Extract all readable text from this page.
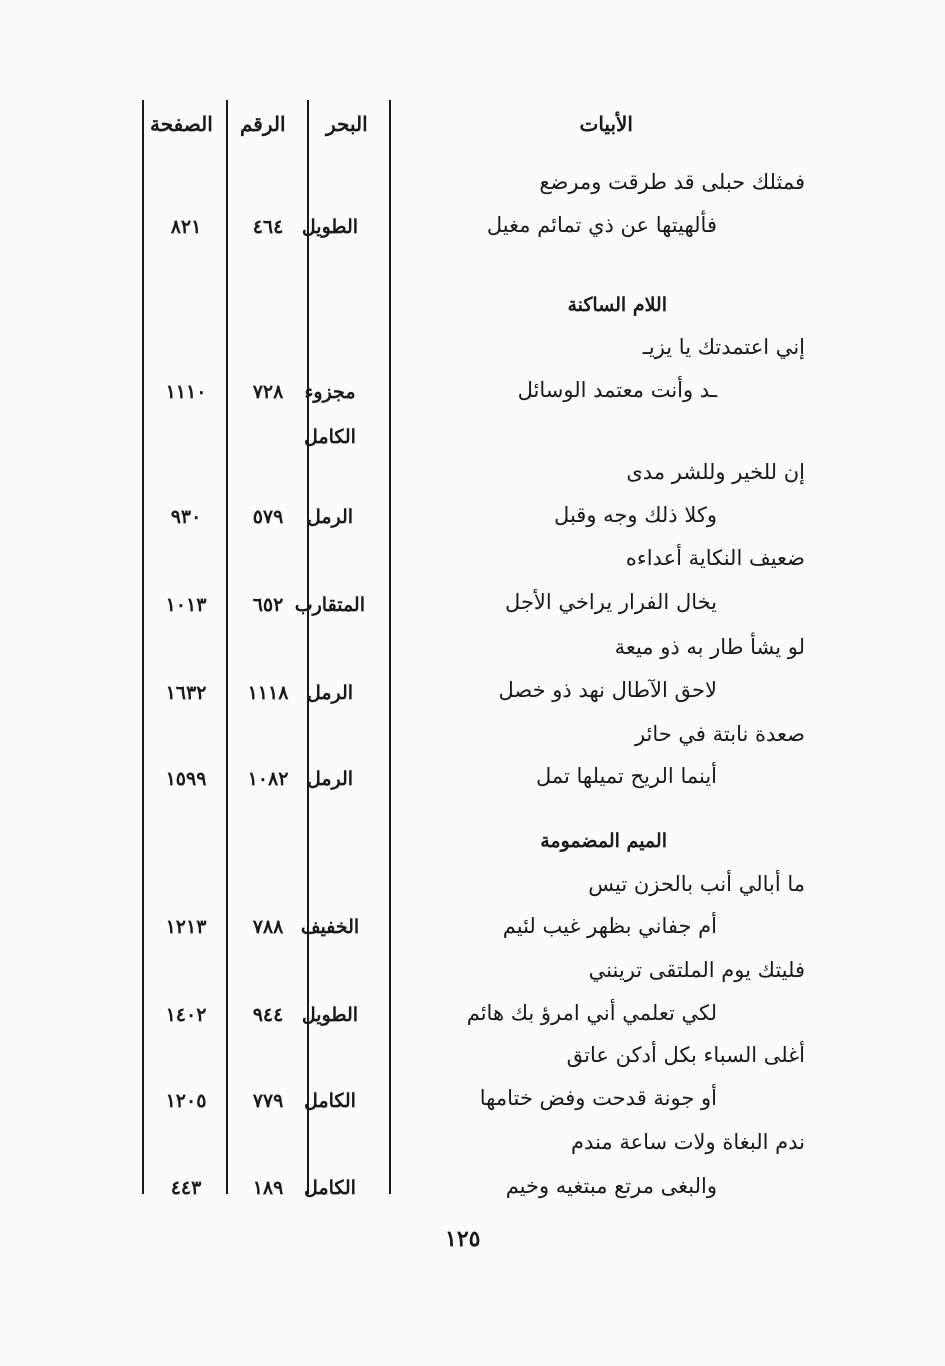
الأبيات
البحر
الرقم
الصفحة
فمثلك حبلى قد طرقت ومرضع
فألهيتها عن ذي تمائم مغيل
الطويل
٤٦٤
٨٢١
اللام الساكنة
إني اعتمدتك يا يزيـ
ـد وأنت معتمد الوسائل
مجزوء
الكامل
٧٢٨
١١١٠
إن للخير وللشر مدى
وكلا ذلك وجه وقبل
الرمل
٥٧٩
٩٣٠
ضعيف النكاية أعداءه
يخال الفرار يراخي الأجل
المتقارب
٦٥٢
١٠١٣
لو يشأ طار به ذو ميعة
لاحق الآطال نهد ذو خصل
الرمل
١١١٨
١٦٣٢
صعدة نابتة في حائر
أينما الريح تميلها تمل
الرمل
١٠٨٢
١٥٩٩
الميم المضمومة
ما أبالي أنب بالحزن تيس
أم جفاني بظهر غيب لئيم
الخفيف
٧٨٨
١٢١٣
فليتك يوم الملتقى ترينني
لكي تعلمي أني امرؤ بك هائم
الطويل
٩٤٤
١٤٠٢
أغلى السباء بكل أدكن عاتق
أو جونة قدحت وفض ختامها
الكامل
٧٧٩
١٢٠٥
ندم البغاة ولات ساعة مندم
والبغى مرتع مبتغيه وخيم
الكامل
١٨٩
٤٤٣
١٢٥
